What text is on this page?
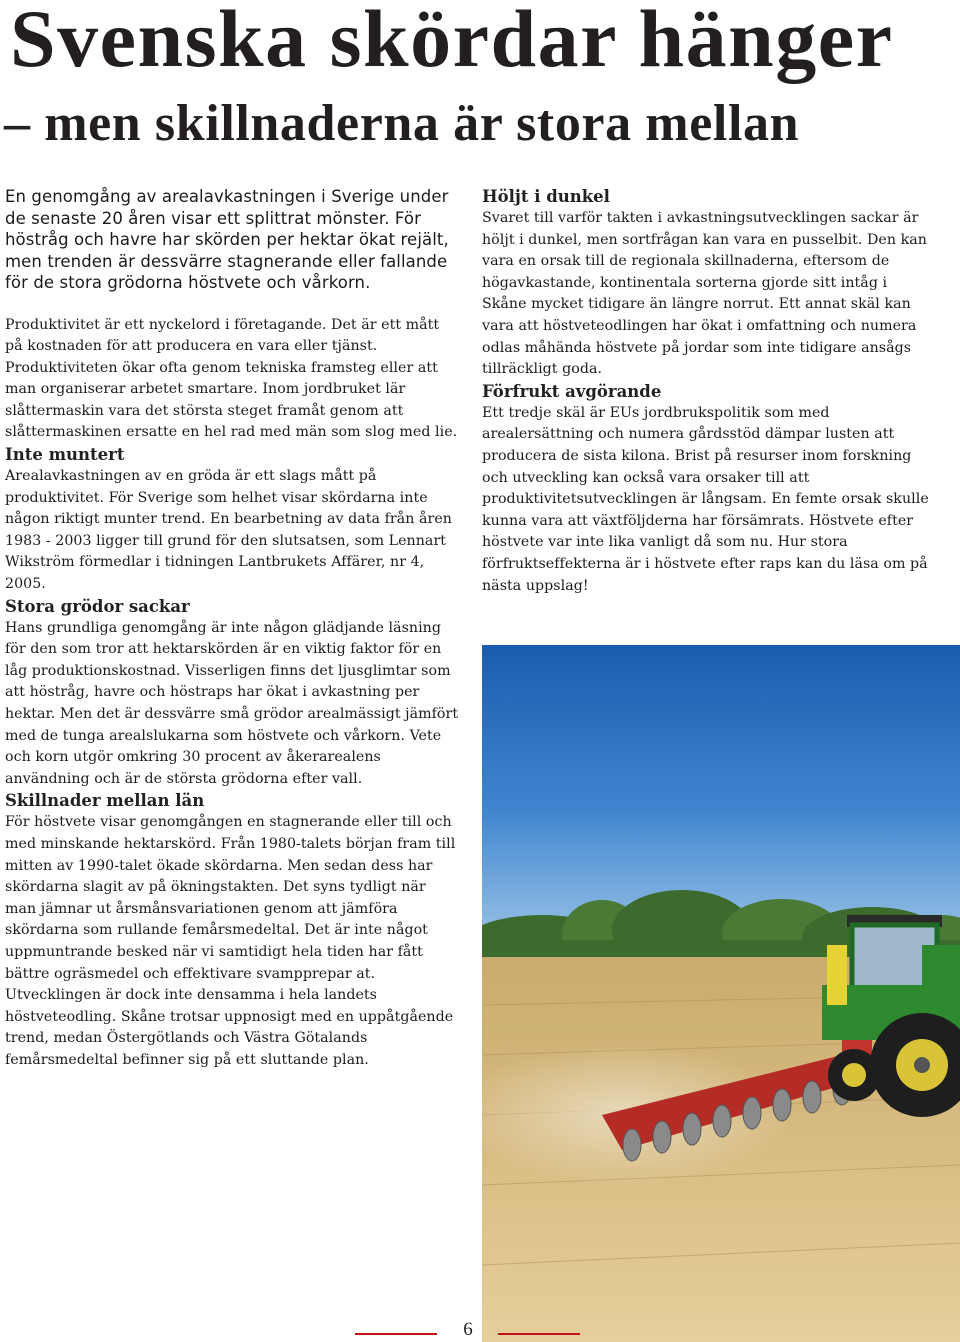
Svenska skördar hänger
– men skillnaderna är stora mellan

En genomgång av arealavkastningen i Sverige under de senaste 20 åren visar ett splittrat mönster. För höstråg och havre har skörden per hektar ökat rejält, men trenden är dessvärre stagnerande eller fallande för de stora grödorna höstvete och vårkorn.

Produktivitet är ett nyckelord i företagande. Det är ett mått på kostnaden för att producera en vara eller tjänst. Produktiviteten ökar ofta genom tekniska framsteg eller att man organiserar arbetet smartare. Inom jordbruket lär slåttermaskin vara det största steget framåt genom att slåttermaskinen ersatte en hel rad med män som slog med lie.

Inte muntert

Arealavkastningen av en gröda är ett slags mått på produktivitet. För Sverige som helhet visar skördarna inte någon riktigt munter trend. En bearbetning av data från åren 1983 - 2003 ligger till grund för den slutsatsen, som Lennart Wikström förmedlar i tidningen Lantbrukets Affärer, nr 4, 2005.

Stora grödor sackar

Hans grundliga genomgång är inte någon glädjande läsning för den som tror att hektarskörden är en viktig faktor för en låg produktionskostnad. Visserligen finns det ljusglimtar som att höstråg, havre och höstraps har ökat i avkastning per hektar. Men det är dessvärre små grödor arealmässigt jämfört med de tunga arealslukarna som höstvete och vårkorn. Vete och korn utgör omkring 30 procent av åkerarealens användning och är de största grödorna efter vall.

Skillnader mellan län

För höstvete visar genomgången en stagnerande eller till och med minskande hektarskörd. Från 1980-talets början fram till mitten av 1990-talet ökade skördarna. Men sedan dess har skördarna slagit av på ökningstakten. Det syns tydligt när man jämnar ut årsmånsvariationen genom att jämföra skördarna som rullande femårsmedeltal. Det är inte något uppmuntrande besked när vi samtidigt hela tiden har fått bättre ogräsmedel och effektivare svampprepar at. Utvecklingen är dock inte densamma i hela landets höstveteodling. Skåne trotsar uppnosigt med en uppåtgående trend, medan Östergötlands och Västra Götalands femårsmedeltal befinner sig på ett sluttande plan.

Höljt i dunkel

Svaret till varför takten i avkastningsutvecklingen sackar är höljt i dunkel, men sortfrågan kan vara en pusselbit. Den kan vara en orsak till de regionala skillnaderna, eftersom de högavkastande, kontinentala sorterna gjorde sitt intåg i Skåne mycket tidigare än längre norrut. Ett annat skäl kan vara att höstveteodlingen har ökat i omfattning och numera odlas måhända höstvete på jordar som inte tidigare ansågs tillräckligt goda.

Förfrukt avgörande

Ett tredje skäl är EUs jordbrukspolitik som med arealersättning och numera gårdsstöd dämpar lusten att producera de sista kilona. Brist på resurser inom forskning och utveckling kan också vara orsaker till att produktivitetsutvecklingen är långsam. En femte orsak skulle kunna vara att växtföljderna har försämrats. Höstvete efter höstvete var inte lika vanligt då som nu. Hur stora förfruktseffekterna är i höstvete efter raps kan du läsa om på nästa uppslag!

6
